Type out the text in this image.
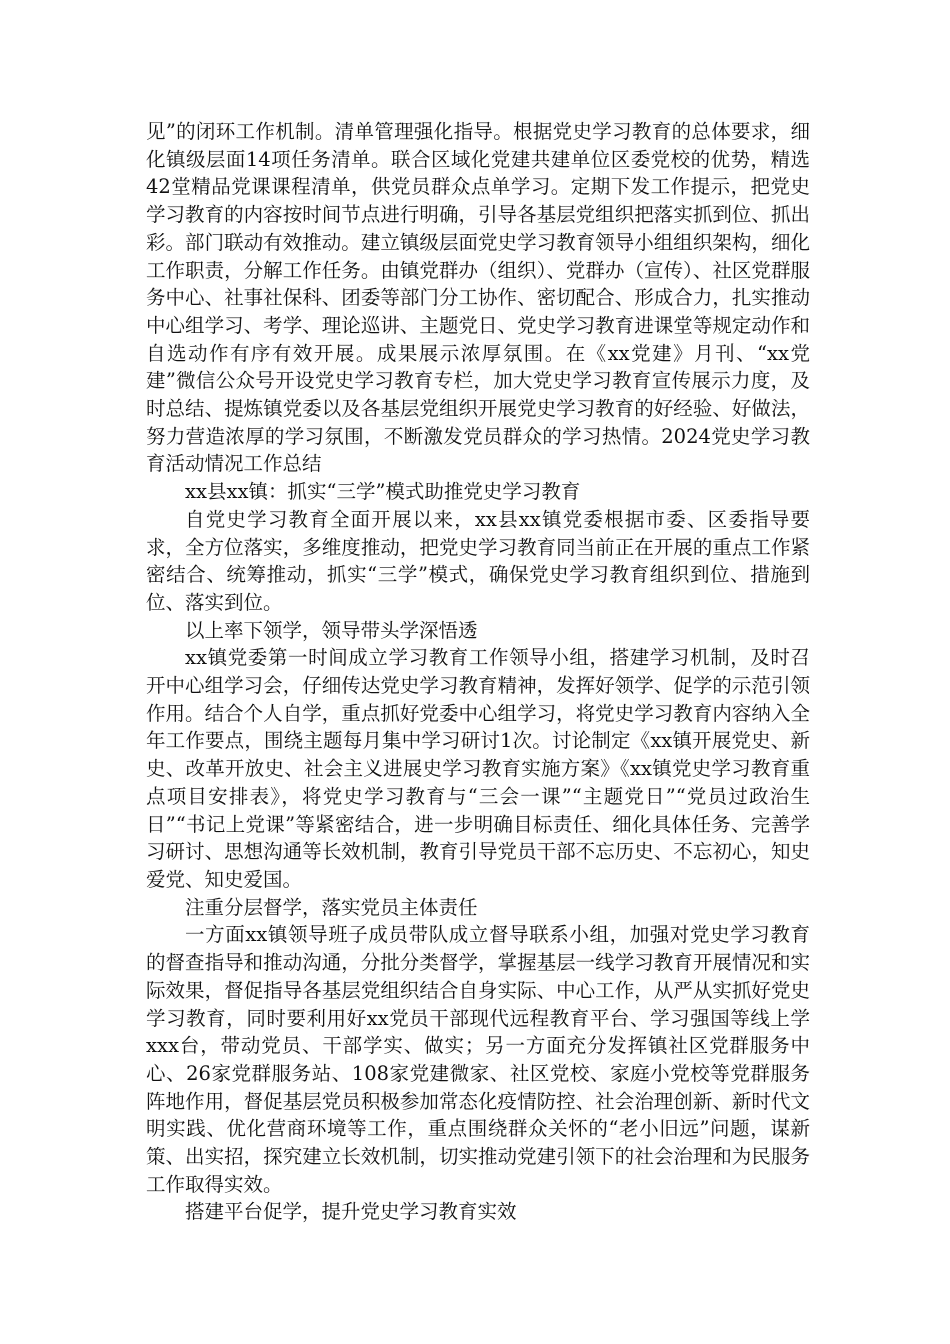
见”的闭环工作机制。清单管理强化指导。根据党史学习教育的总体要求，细化镇级层面14项任务清单。联合区域化党建共建单位区委党校的优势，精选42堂精品党课课程清单，供党员群众点单学习。定期下发工作提示，把党史学习教育的内容按时间节点进行明确，引导各基层党组织把落实抓到位、抓出彩。部门联动有效推动。建立镇级层面党史学习教育领导小组组织架构，细化工作职责，分解工作任务。由镇党群办（组织）、党群办（宣传）、社区党群服务中心、社事社保科、团委等部门分工协作、密切配合、形成合力，扎实推动中心组学习、考学、理论巡讲、主题党日、党史学习教育进课堂等规定动作和自选动作有序有效开展。成果展示浓厚氛围。在《xx党建》月刊、“xx党建”微信公众号开设党史学习教育专栏，加大党史学习教育宣传展示力度，及时总结、提炼镇党委以及各基层党组织开展党史学习教育的好经验、好做法，努力营造浓厚的学习氛围，不断激发党员群众的学习热情。2024党史学习教育活动情况工作总结

xx县xx镇：抓实“三学”模式助推党史学习教育

自党史学习教育全面开展以来，xx县xx镇党委根据市委、区委指导要求，全方位落实，多维度推动，把党史学习教育同当前正在开展的重点工作紧密结合、统筹推动，抓实“三学”模式，确保党史学习教育组织到位、措施到位、落实到位。

以上率下领学，领导带头学深悟透

xx镇党委第一时间成立学习教育工作领导小组，搭建学习机制，及时召开中心组学习会，仔细传达党史学习教育精神，发挥好领学、促学的示范引领作用。结合个人自学，重点抓好党委中心组学习，将党史学习教育内容纳入全年工作要点，围绕主题每月集中学习研讨1次。讨论制定《xx镇开展党史、新史、改革开放史、社会主义进展史学习教育实施方案》《xx镇党史学习教育重点项目安排表》，将党史学习教育与“三会一课”“主题党日”“党员过政治生日”“书记上党课”等紧密结合，进一步明确目标责任、细化具体任务、完善学习研讨、思想沟通等长效机制，教育引导党员干部不忘历史、不忘初心，知史爱党、知史爱国。

注重分层督学，落实党员主体责任

一方面xx镇领导班子成员带队成立督导联系小组，加强对党史学习教育的督查指导和推动沟通，分批分类督学，掌握基层一线学习教育开展情况和实际效果，督促指导各基层党组织结合自身实际、中心工作，从严从实抓好党史学习教育，同时要利用好xx党员干部现代远程教育平台、学习强国等线上学xxx台，带动党员、干部学实、做实；另一方面充分发挥镇社区党群服务中心、26家党群服务站、108家党建微家、社区党校、家庭小党校等党群服务阵地作用，督促基层党员积极参加常态化疫情防控、社会治理创新、新时代文明实践、优化营商环境等工作，重点围绕群众关怀的“老小旧远”问题，谋新策、出实招，探究建立长效机制，切实推动党建引领下的社会治理和为民服务工作取得实效。

搭建平台促学，提升党史学习教育实效
